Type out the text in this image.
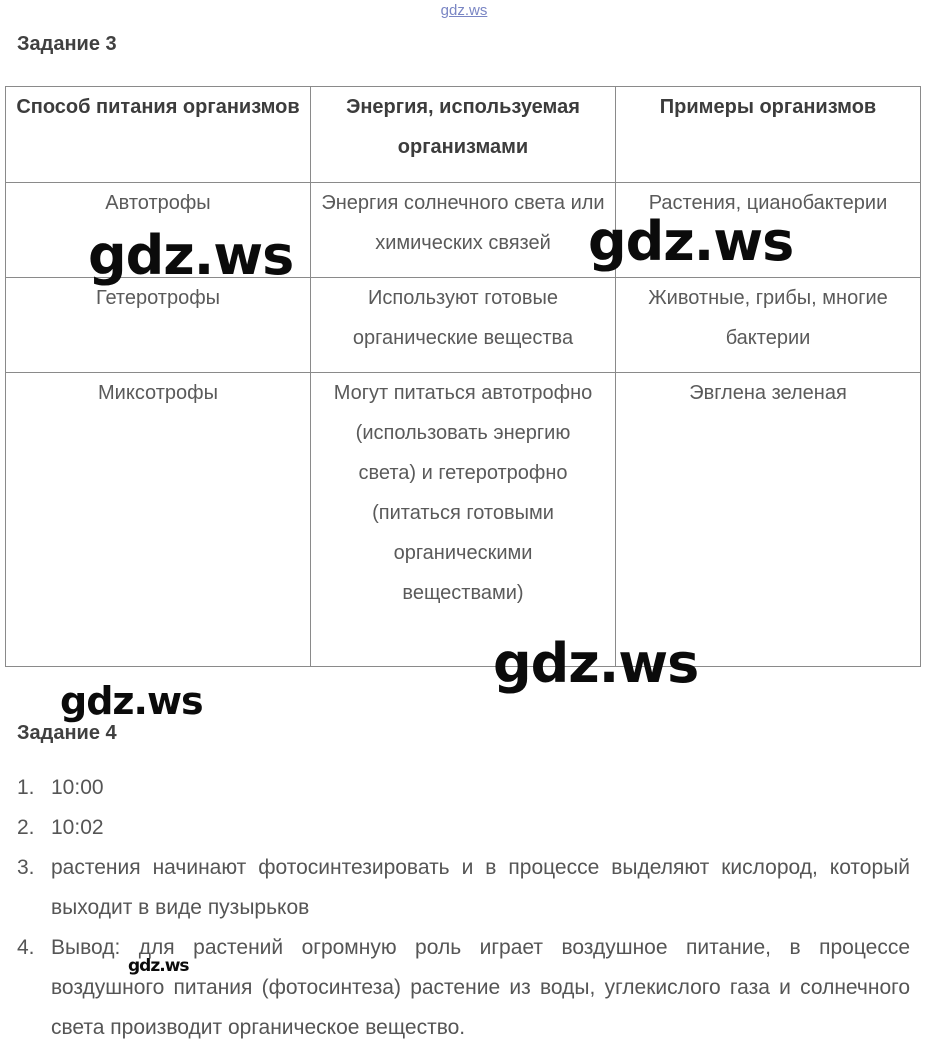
gdz.ws
Задание 3
Способ питания организмов	Энергия, используемая организмами	Примеры организмов
Автотрофы	Энергия солнечного света или химических связей	Растения, цианобактерии
Гетеротрофы	Используют готовые органические вещества	Животные, грибы, многие бактерии
Миксотрофы	Могут питаться автотрофно (использовать энергию света) и гетеротрофно (питаться готовыми органическими веществами)	Эвглена зеленая
gdz.ws	gdz.ws
gdz.ws
gdz.ws
Задание 4
1. 10:00
2. 10:02
3. растения начинают фотосинтезировать и в процессе выделяют кислород, который выходит в виде пузырьков
4. Вывод: для растений огромную роль играет воздушное питание, в процессе воздушного питания (фотосинтеза) растение из воды, углекислого газа и солнечного света производит органическое вещество.
gdz.ws
